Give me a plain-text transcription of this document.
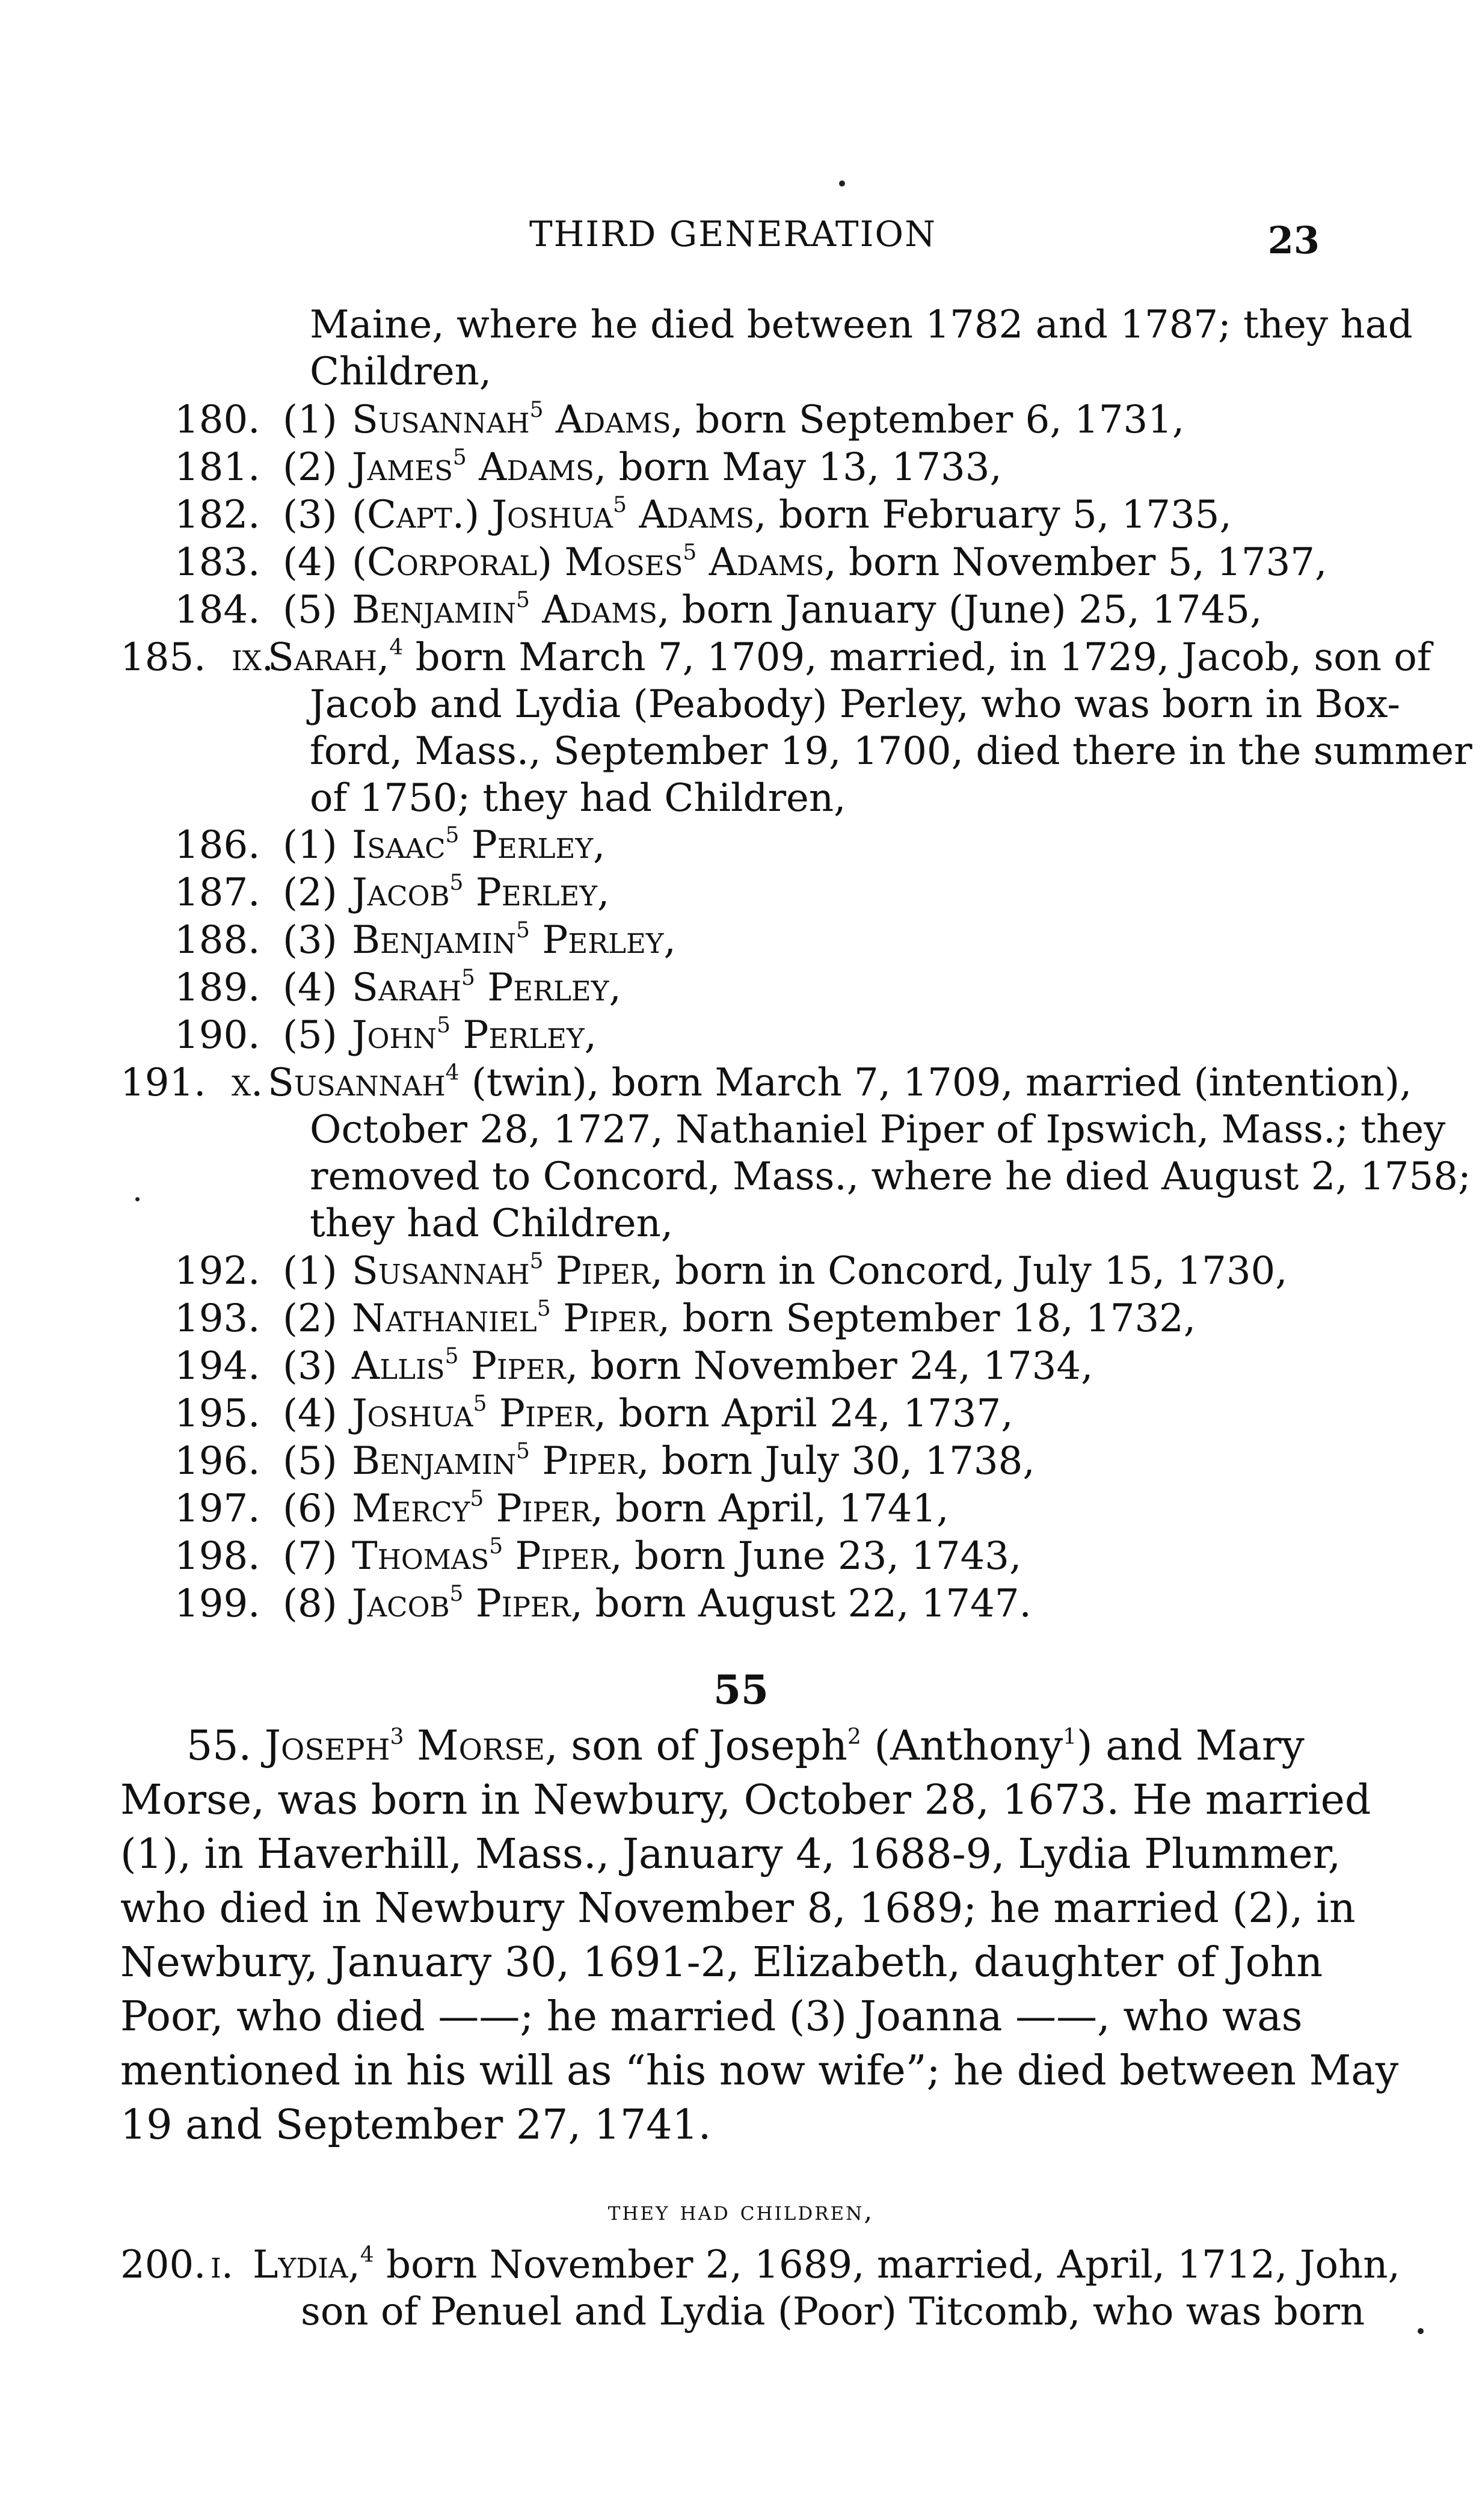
THIRD GENERATION	23
Maine, where he died between 1782 and 1787; they had
Children,
180. (1) Susannah$^5$ Adams, born September 6, 1731,
181. (2) James$^5$ Adams, born May 13, 1733,
182. (3) (Capt.) Joshua$^5$ Adams, born February 5, 1735,
183. (4) (Corporal) Moses$^5$ Adams, born November 5, 1737,
184. (5) Benjamin$^5$ Adams, born January (June) 25, 1745,
185. ix.
Sarah,$^4$ born March 7, 1709, married, in 1729, Jacob, son of
Jacob and Lydia (Peabody) Perley, who was born in Box-
ford, Mass., September 19, 1700, died there in the summer
of 1750; they had Children,
186. (1) Isaac$^5$ Perley,
187. (2) Jacob$^5$ Perley,
188. (3) Benjamin$^5$ Perley,
189. (4) Sarah$^5$ Perley,
190. (5) John$^5$ Perley,
191. x. Susannah$^4$ (twin), born March 7, 1709, married (intention),
October 28, 1727, Nathaniel Piper of Ipswich, Mass.; they
removed to Concord, Mass., where he died August 2, 1758;
they had Children,
192. (1) Susannah$^5$ Piper, born in Concord, July 15, 1730,
193. (2) Nathaniel$^5$ Piper, born September 18, 1732,
194. (3) Allis$^5$ Piper, born November 24, 1734,
195. (4) Joshua$^5$ Piper, born April 24, 1737,
196. (5) Benjamin$^5$ Piper, born July 30, 1738,
197. (6) Mercy$^5$ Piper, born April, 1741,
198. (7) Thomas$^5$ Piper, born June 23, 1743,
199. (8) Jacob$^5$ Piper, born August 22, 1747.
55
55. Joseph$^3$ Morse, son of Joseph$^2$ (Anthony$^1$) and Mary
Morse, was born in Newbury, October 28, 1673. He married
(1), in Haverhill, Mass., January 4, 1688-9, Lydia Plummer,
who died in Newbury November 8, 1689; he married (2), in
Newbury, January 30, 1691-2, Elizabeth, daughter of John
Poor, who died ——; he married (3) Joanna ——, who was
mentioned in his will as “his now wife”; he died between May
19 and September 27, 1741.
they had children,
200. i. Lydia,$^4$ born November 2, 1689, married, April, 1712, John,
son of Penuel and Lydia (Poor) Titcomb, who was born
